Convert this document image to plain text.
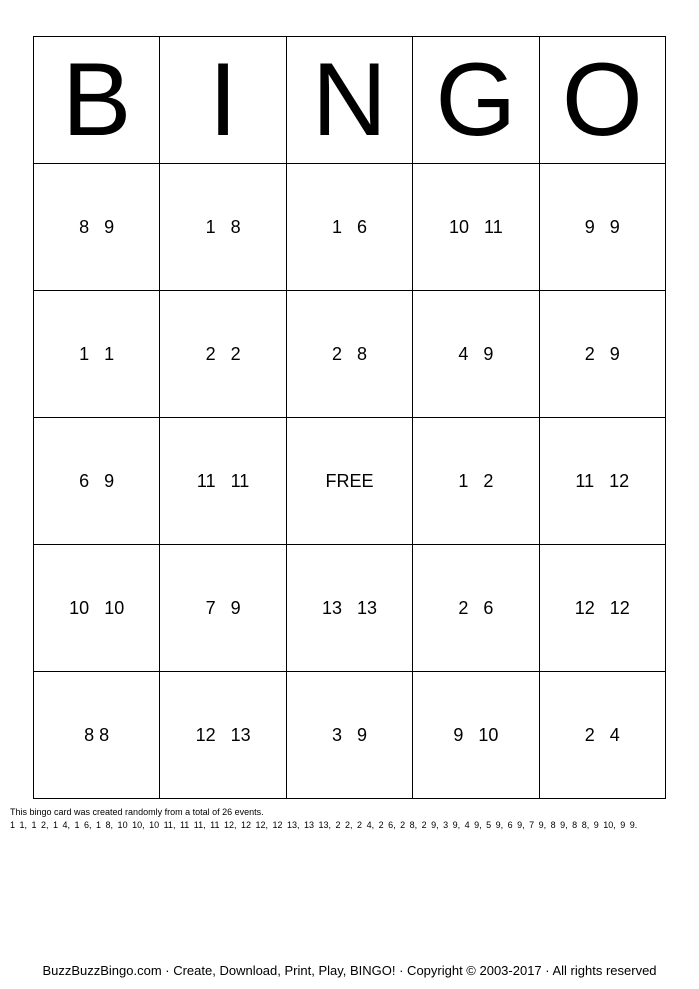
B	I	N	G	O
8   9	1   8	1   6	10   11	9   9
1   1	2   2	2   8	4   9	2   9
6   9	11   11	FREE	1   2	11   12
10   10	7   9	13   13	2   6	12   12
8 8	12   13	3   9	9   10	2   4
This bingo card was created randomly from a total of 26 events.
1 1, 1 2, 1 4, 1 6, 1 8, 10 10, 10 11, 11 11, 11 12, 12 12, 12 13, 13 13, 2 2, 2 4, 2 6, 2 8, 2 9, 3 9, 4 9, 5 9, 6 9, 7 9, 8 9, 8 8, 9 10, 9 9.
BuzzBuzzBingo.com · Create, Download, Print, Play, BINGO! · Copyright © 2003-2017 · All rights reserved
